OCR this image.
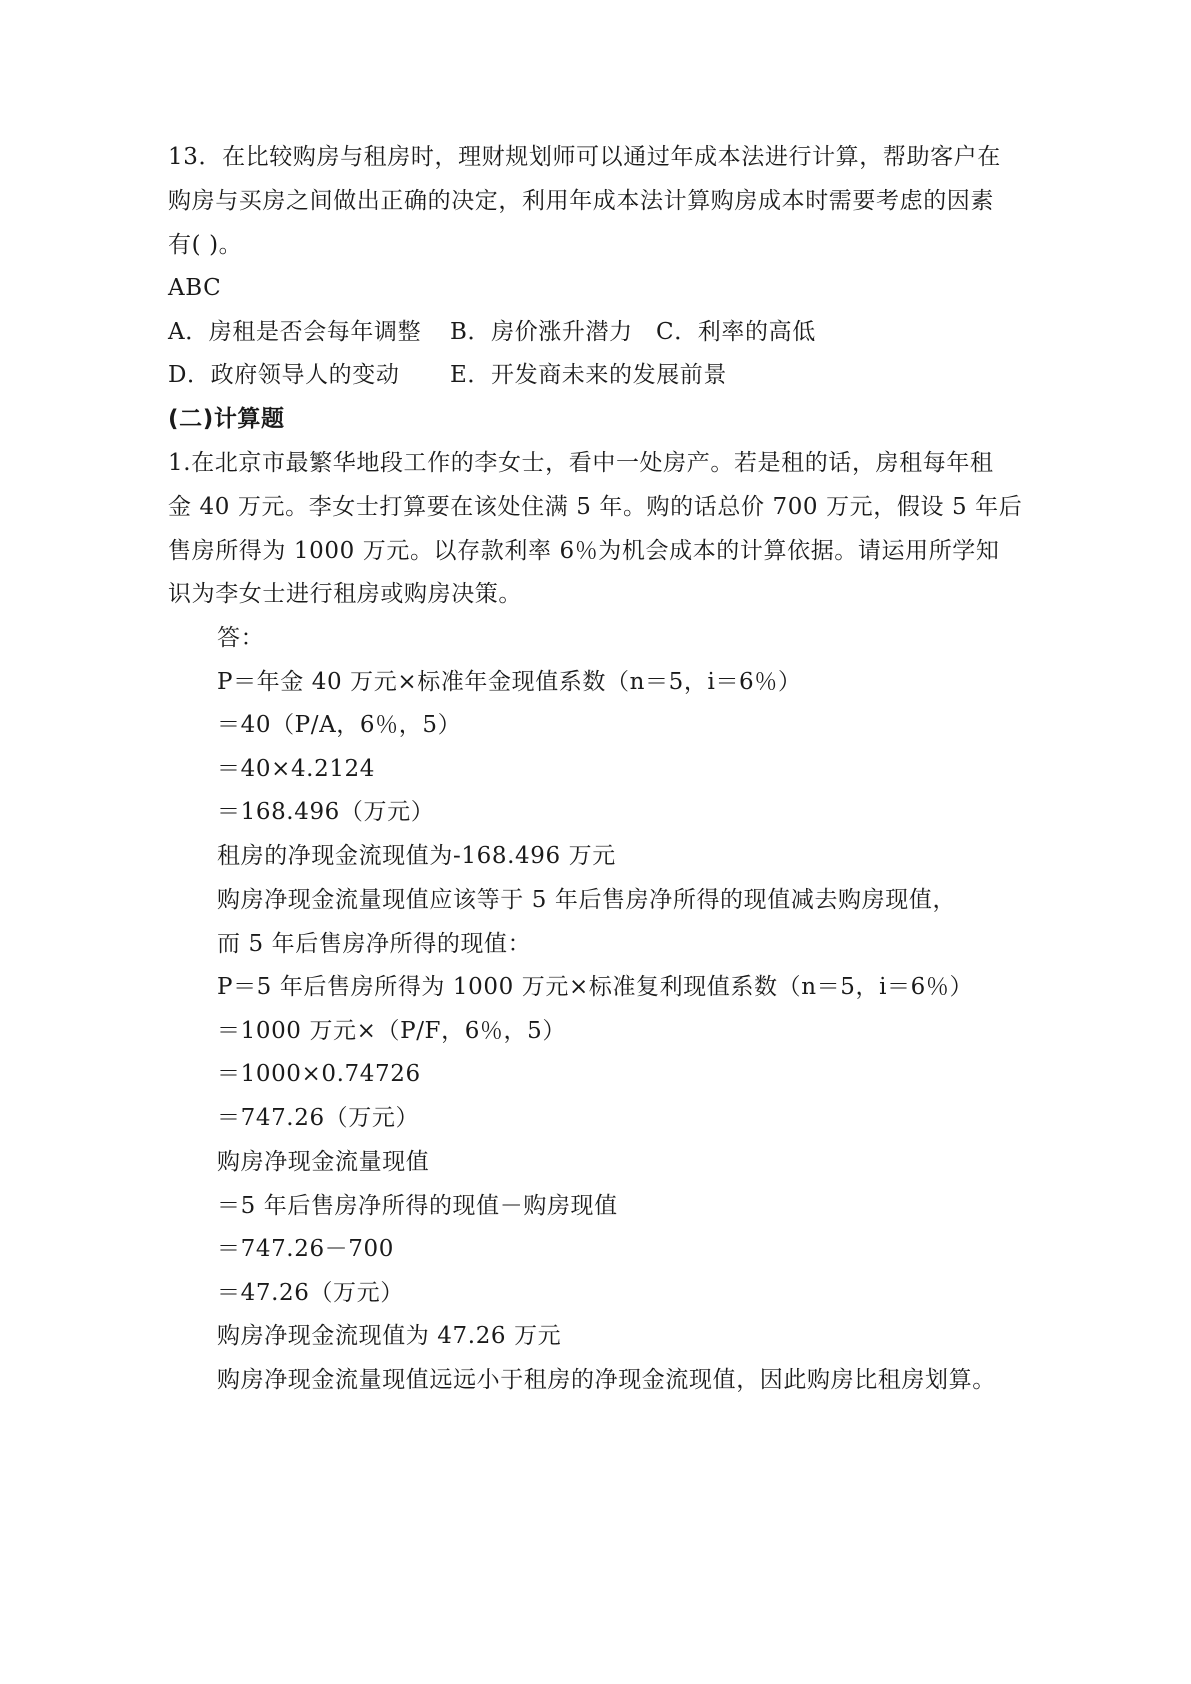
13．在比较购房与租房时，理财规划师可以通过年成本法进行计算，帮助客户在
购房与买房之间做出正确的决定，利用年成本法计算购房成本时需要考虑的因素
有( )。
ABC
A．房租是否会每年调整 B．房价涨升潜力 C．利率的高低
D．政府领导人的变动 E．开发商未来的发展前景
(二)计算题
1.在北京市最繁华地段工作的李女士，看中一处房产。若是租的话，房租每年租
金 40 万元。李女士打算要在该处住满 5 年。购的话总价 700 万元，假设 5 年后
售房所得为 1000 万元。以存款利率 6％为机会成本的计算依据。请运用所学知
识为李女士进行租房或购房决策。
答：
P＝年金 40 万元×标准年金现值系数（n＝5，i＝6％）
＝40（P/A，6％，5）
＝40×4.2124
＝168.496（万元）
租房的净现金流现值为-168.496 万元
购房净现金流量现值应该等于 5 年后售房净所得的现值减去购房现值，
而 5 年后售房净所得的现值：
P＝5 年后售房所得为 1000 万元×标准复利现值系数（n＝5，i＝6％）
＝1000 万元×（P/F，6％，5）
＝1000×0.74726
＝747.26（万元）
购房净现金流量现值
＝5 年后售房净所得的现值－购房现值
＝747.26－700
＝47.26（万元）
购房净现金流现值为 47.26 万元
购房净现金流量现值远远小于租房的净现金流现值，因此购房比租房划算。
